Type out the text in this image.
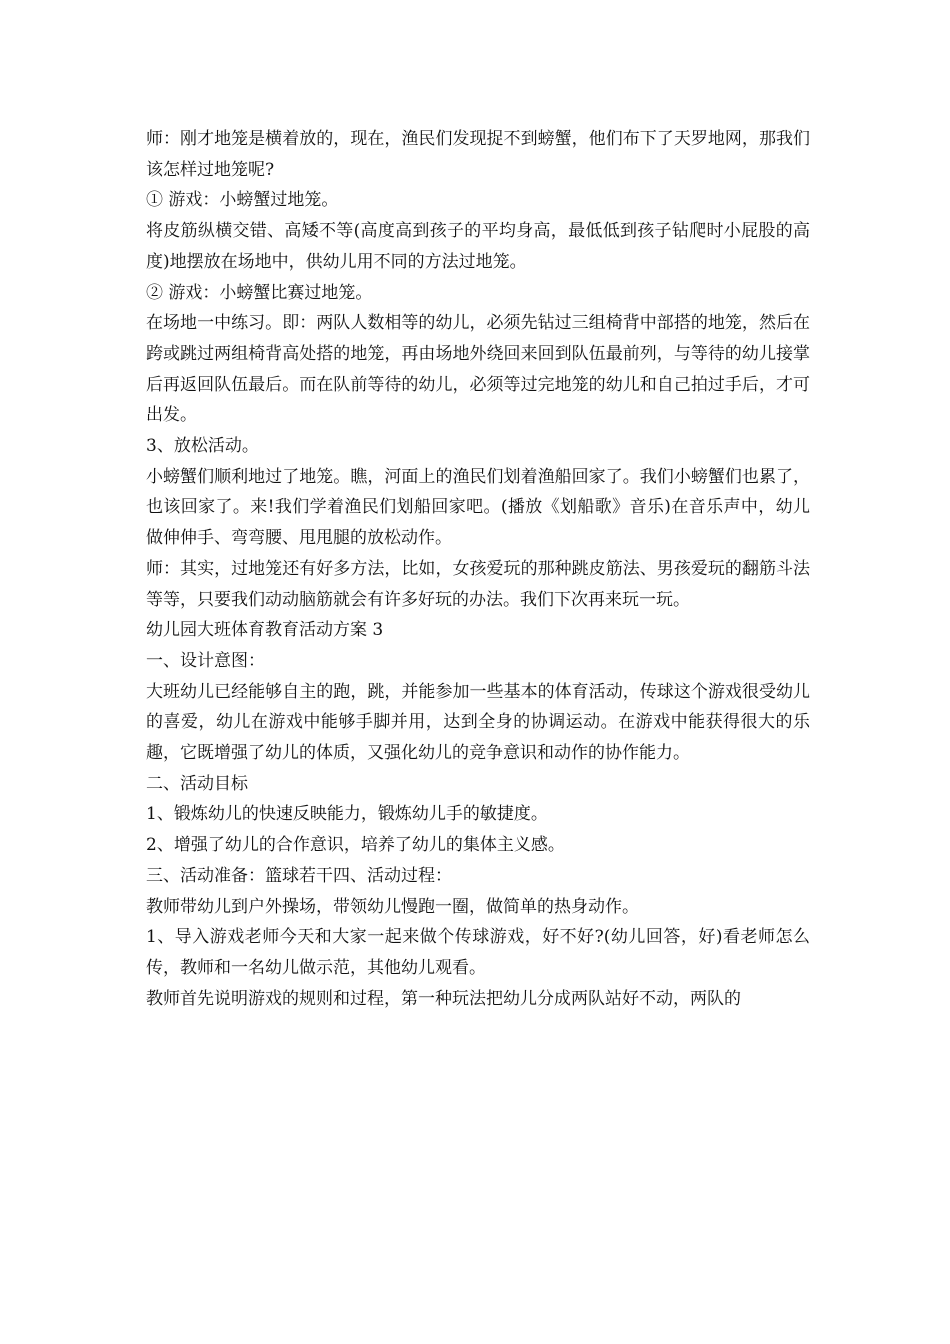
师：刚才地笼是横着放的，现在，渔民们发现捉不到螃蟹，他们布下了天罗地网，那我们该怎样过地笼呢?

① 游戏：小螃蟹过地笼。

将皮筋纵横交错、高矮不等(高度高到孩子的平均身高，最低低到孩子钻爬时小屁股的高度)地摆放在场地中，供幼儿用不同的方法过地笼。

② 游戏：小螃蟹比赛过地笼。

在场地一中练习。即：两队人数相等的幼儿，必须先钻过三组椅背中部搭的地笼，然后在跨或跳过两组椅背高处搭的地笼，再由场地外绕回来回到队伍最前列，与等待的幼儿接掌后再返回队伍最后。而在队前等待的幼儿，必须等过完地笼的幼儿和自己拍过手后，才可出发。

3、放松活动。

小螃蟹们顺利地过了地笼。瞧，河面上的渔民们划着渔船回家了。我们小螃蟹们也累了，也该回家了。来!我们学着渔民们划船回家吧。(播放《划船歌》音乐)在音乐声中，幼儿做伸伸手、弯弯腰、甩甩腿的放松动作。

师：其实，过地笼还有好多方法，比如，女孩爱玩的那种跳皮筋法、男孩爱玩的翻筋斗法等等，只要我们动动脑筋就会有许多好玩的办法。我们下次再来玩一玩。

幼儿园大班体育教育活动方案 3

一、设计意图：

大班幼儿已经能够自主的跑，跳，并能参加一些基本的体育活动，传球这个游戏很受幼儿的喜爱，幼儿在游戏中能够手脚并用，达到全身的协调运动。在游戏中能获得很大的乐趣，它既增强了幼儿的体质，又强化幼儿的竞争意识和动作的协作能力。

二、活动目标

1、锻炼幼儿的快速反映能力，锻炼幼儿手的敏捷度。

2、增强了幼儿的合作意识，培养了幼儿的集体主义感。

三、活动准备：篮球若干四、活动过程：

教师带幼儿到户外操场，带领幼儿慢跑一圈，做简单的热身动作。

1、导入游戏老师今天和大家一起来做个传球游戏，好不好?(幼儿回答，好)看老师怎么传，教师和一名幼儿做示范，其他幼儿观看。

教师首先说明游戏的规则和过程，第一种玩法把幼儿分成两队站好不动，两队的
